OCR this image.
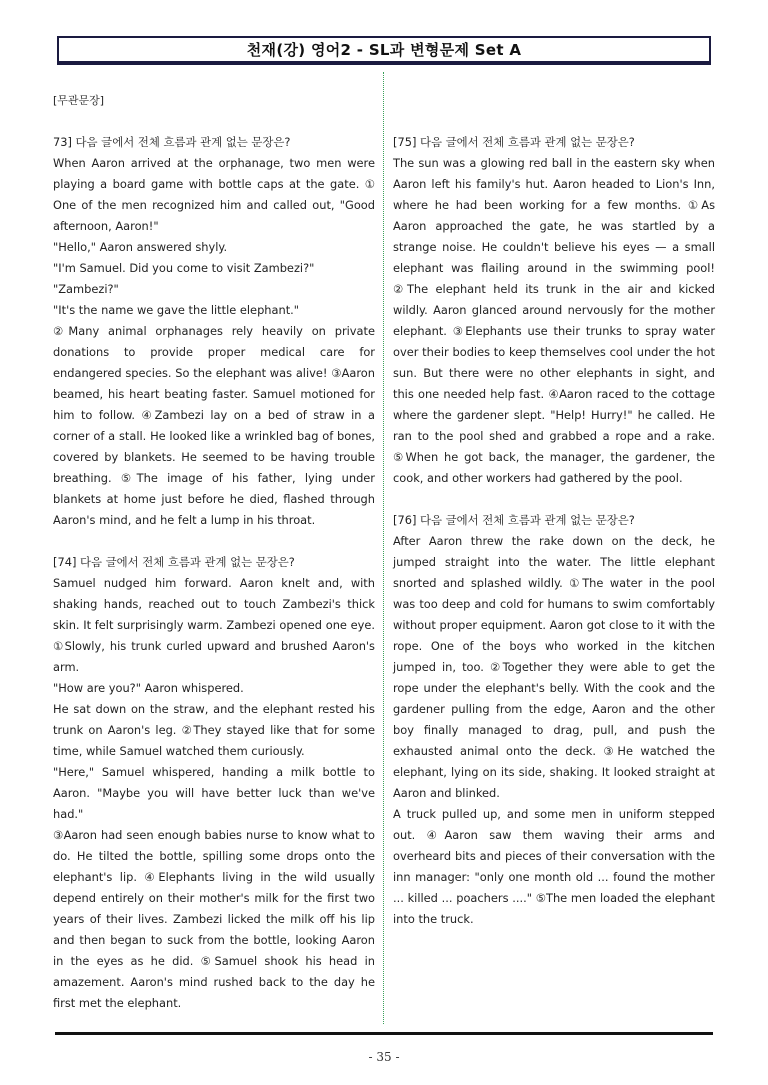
천재(강) 영어2 - SL과 변형문제 Set A

[무관문장]

73] 다음 글에서 전체 흐름과 관계 없는 문장은?

When Aaron arrived at the orphanage, two men were playing a board game with bottle caps at the gate. ① One of the men recognized him and called out, "Good afternoon, Aaron!"

"Hello," Aaron answered shyly.

"I'm Samuel. Did you come to visit Zambezi?"

"Zambezi?"

"It's the name we gave the little elephant."

②Many animal orphanages rely heavily on private donations to provide proper medical care for endangered species. So the elephant was alive! ③Aaron beamed, his heart beating faster. Samuel motioned for him to follow. ④Zambezi lay on a bed of straw in a corner of a stall. He looked like a wrinkled bag of bones, covered by blankets. He seemed to be having trouble breathing. ⑤The image of his father, lying under blankets at home just before he died, flashed through Aaron's mind, and he felt a lump in his throat.

[74] 다음 글에서 전체 흐름과 관계 없는 문장은?

Samuel nudged him forward. Aaron knelt and, with shaking hands, reached out to touch Zambezi's thick skin. It felt surprisingly warm. Zambezi opened one eye. ①Slowly, his trunk curled upward and brushed Aaron's arm.

"How are you?" Aaron whispered.

He sat down on the straw, and the elephant rested his trunk on Aaron's leg. ②They stayed like that for some time, while Samuel watched them curiously.

"Here," Samuel whispered, handing a milk bottle to Aaron. "Maybe you will have better luck than we've had."

③Aaron had seen enough babies nurse to know what to do. He tilted the bottle, spilling some drops onto the elephant's lip. ④Elephants living in the wild usually depend entirely on their mother's milk for the first two years of their lives. Zambezi licked the milk off his lip and then began to suck from the bottle, looking Aaron in the eyes as he did. ⑤Samuel shook his head in amazement. Aaron's mind rushed back to the day he first met the elephant.

[75] 다음 글에서 전체 흐름과 관계 없는 문장은?

The sun was a glowing red ball in the eastern sky when Aaron left his family's hut. Aaron headed to Lion's Inn, where he had been working for a few months. ①As Aaron approached the gate, he was startled by a strange noise. He couldn't believe his eyes — a small elephant was flailing around in the swimming pool! ②The elephant held its trunk in the air and kicked wildly. Aaron glanced around nervously for the mother elephant. ③Elephants use their trunks to spray water over their bodies to keep themselves cool under the hot sun. But there were no other elephants in sight, and this one needed help fast. ④Aaron raced to the cottage where the gardener slept. "Help! Hurry!" he called. He ran to the pool shed and grabbed a rope and a rake. ⑤When he got back, the manager, the gardener, the cook, and other workers had gathered by the pool.

[76] 다음 글에서 전체 흐름과 관계 없는 문장은?

After Aaron threw the rake down on the deck, he jumped straight into the water. The little elephant snorted and splashed wildly. ①The water in the pool was too deep and cold for humans to swim comfortably without proper equipment. Aaron got close to it with the rope. One of the boys who worked in the kitchen jumped in, too. ②Together they were able to get the rope under the elephant's belly. With the cook and the gardener pulling from the edge, Aaron and the other boy finally managed to drag, pull, and push the exhausted animal onto the deck. ③He watched the elephant, lying on its side, shaking. It looked straight at Aaron and blinked.

A truck pulled up, and some men in uniform stepped out. ④Aaron saw them waving their arms and overheard bits and pieces of their conversation with the inn manager: "only one month old ... found the mother ... killed ... poachers ...." ⑤The men loaded the elephant into the truck.

- 35 -
